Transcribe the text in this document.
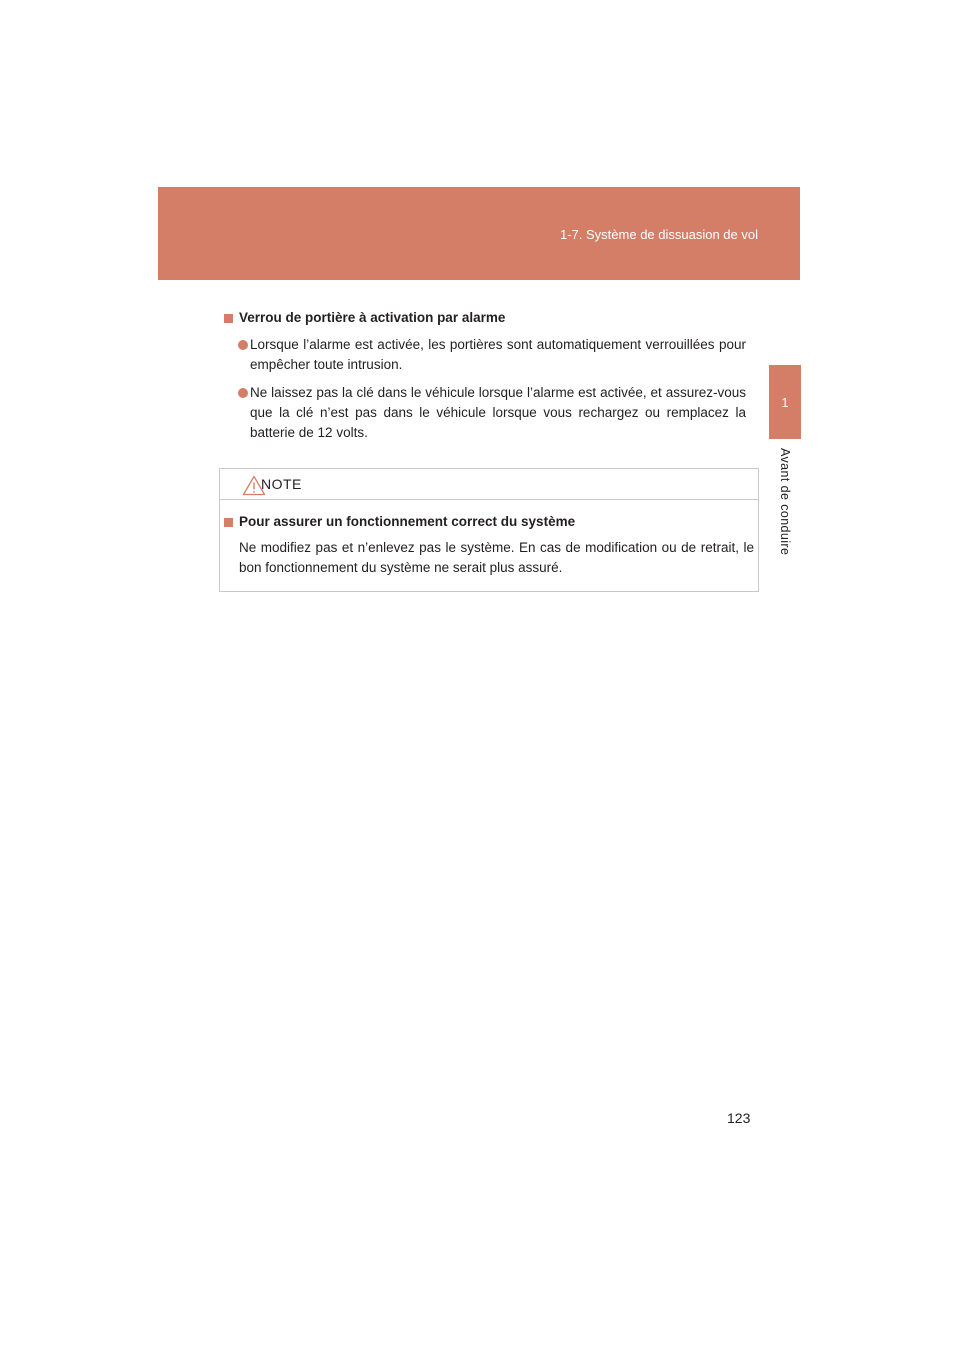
1-7. Système de dissuasion de vol
1
Avant de conduire

Verrou de portière à activation par alarme

Lorsque l’alarme est activée, les portières sont automatiquement verrouillées pour empêcher toute intrusion.
Ne laissez pas la clé dans le véhicule lorsque l’alarme est activée, et assurez-vous que la clé n’est pas dans le véhicule lorsque vous rechargez ou remplacez la batterie de 12 volts.
NOTE

Pour assurer un fonctionnement correct du système

Ne modifiez pas et n’enlevez pas le système. En cas de modification ou de retrait, le bon fonctionnement du système ne serait plus assuré.
123
